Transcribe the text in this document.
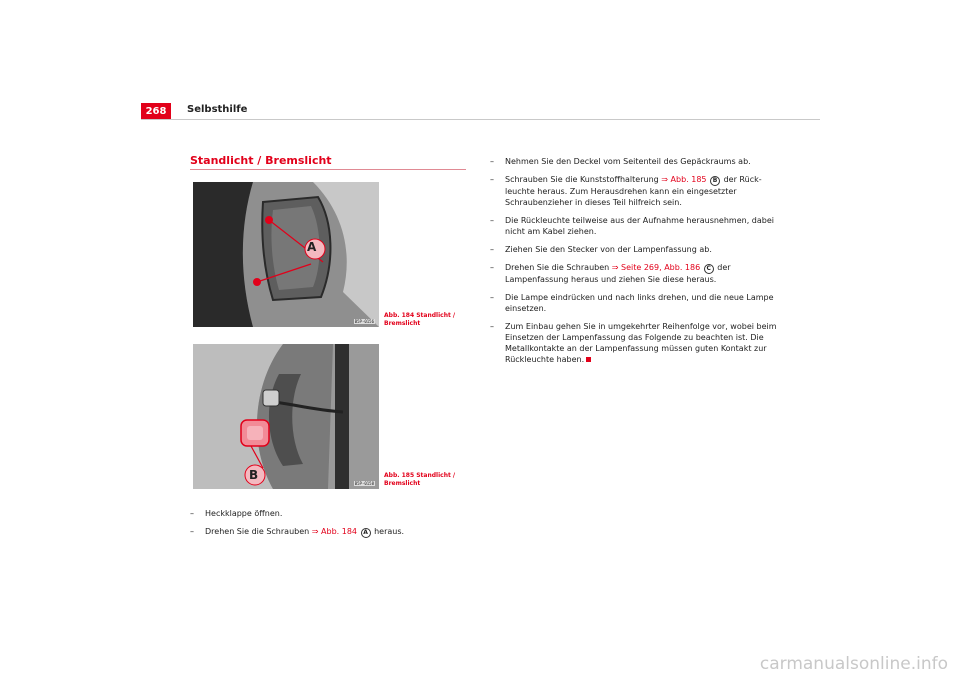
268	Selbsthilfe
Standlicht / Bremslicht
A
B5P-0156
Abb. 184 Standlicht /
Bremslicht
B
B5P-0158
Abb. 185 Standlicht /
Bremslicht
– Heckklappe öffnen.
– Drehen Sie die Schrauben ⇒ Abb. 184 A heraus.
– Nehmen Sie den Deckel vom Seitenteil des Gepäckraums ab.
– Schrauben Sie die Kunststoffhalterung ⇒ Abb. 185 B der Rück-leuchte heraus. Zum Herausdrehen kann ein eingesetzter Schraubenzieher in dieses Teil hilfreich sein.
– Die Rückleuchte teilweise aus der Aufnahme herausnehmen, dabei nicht am Kabel ziehen.
– Ziehen Sie den Stecker von der Lampenfassung ab.
– Drehen Sie die Schrauben ⇒ Seite 269, Abb. 186 C der Lampenfassung heraus und ziehen Sie diese heraus.
– Die Lampe eindrücken und nach links drehen, und die neue Lampe einsetzen.
– Zum Einbau gehen Sie in umgekehrter Reihenfolge vor, wobei beim Einsetzen der Lampenfassung das Folgende zu beachten ist. Die Metallkontakte an der Lampenfassung müssen guten Kontakt zur Rückleuchte haben.
carmanualsonline.info
